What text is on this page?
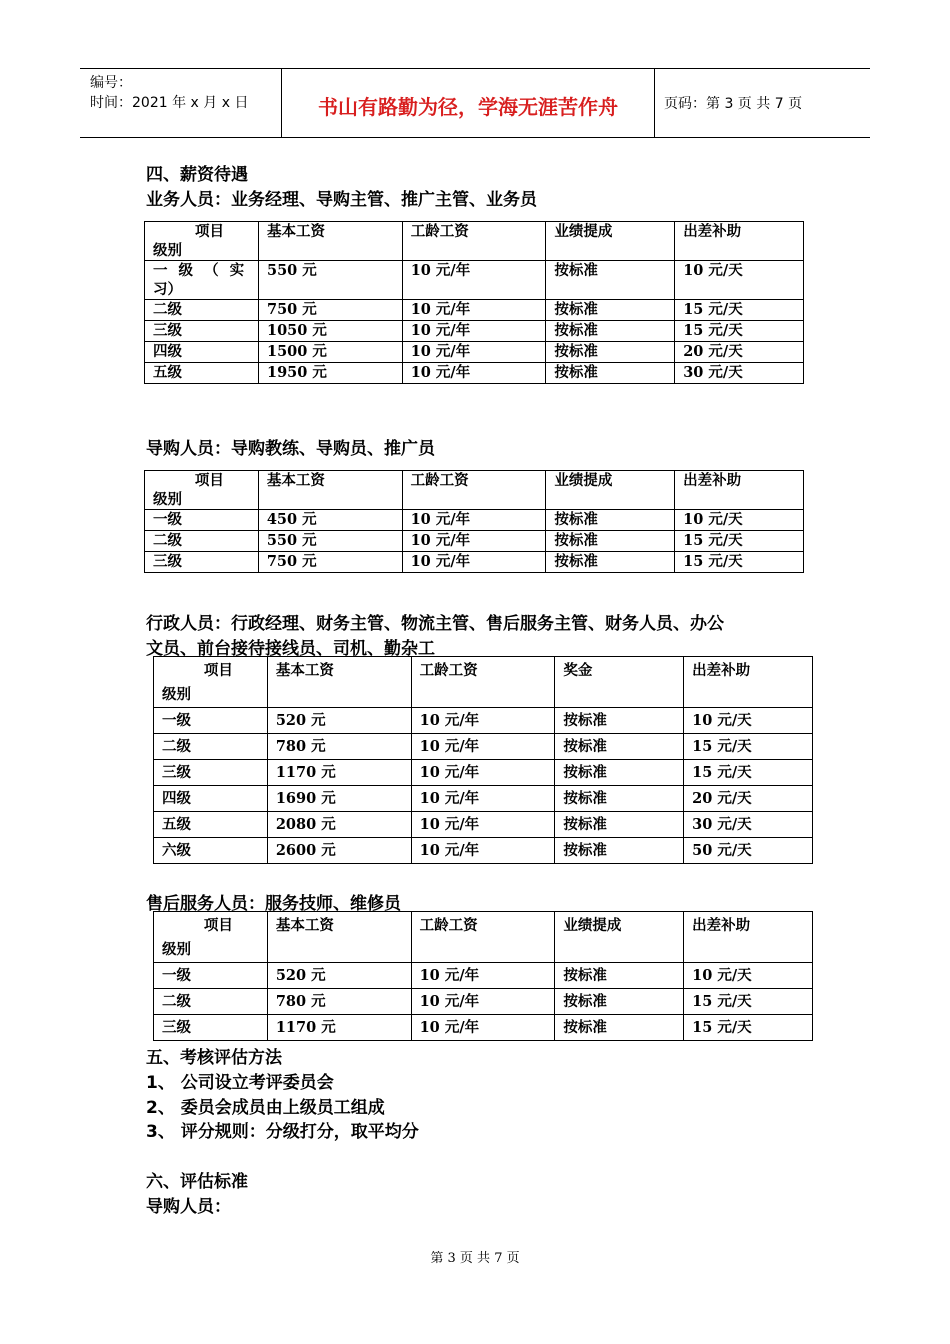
编号：
时间：2021 年 x 月 x 日	书山有路勤为径，学海无涯苦作舟	页码：第 3 页 共 7 页
四、薪资待遇
业务人员：业务经理、导购主管、推广主管、业务员
项目
级别	基本工资	工龄工资	业绩提成	出差补助

一 级 （ 实
习）	550 元	10 元/年	按标准	10 元/天
二级	750 元	10 元/年	按标准	15 元/天
三级	1050 元	10 元/年	按标准	15 元/天
四级	1500 元	10 元/年	按标准	20 元/天
五级	1950 元	10 元/年	按标准	30 元/天
导购人员：导购教练、导购员、推广员
项目
级别	基本工资	工龄工资	业绩提成	出差补助
一级	450 元	10 元/年	按标准	10 元/天
二级	550 元	10 元/年	按标准	15 元/天
三级	750 元	10 元/年	按标准	15 元/天
行政人员：行政经理、财务主管、物流主管、售后服务主管、财务人员、办公
文员、前台接待接线员、司机、勤杂工
项目
级别	基本工资	工龄工资	奖金	出差补助
一级	520 元	10 元/年	按标准	10 元/天
二级	780 元	10 元/年	按标准	15 元/天
三级	1170 元	10 元/年	按标准	15 元/天
四级	1690 元	10 元/年	按标准	20 元/天
五级	2080 元	10 元/年	按标准	30 元/天
六级	2600 元	10 元/年	按标准	50 元/天
售后服务人员：服务技师、维修员
项目
级别	基本工资	工龄工资	业绩提成	出差补助
一级	520 元	10 元/年	按标准	10 元/天
二级	780 元	10 元/年	按标准	15 元/天
三级	1170 元	10 元/年	按标准	15 元/天
五、考核评估方法
1、 公司设立考评委员会
2、 委员会成员由上级员工组成
3、 评分规则：分级打分，取平均分
六、评估标准
导购人员：
第 3 页 共 7 页
